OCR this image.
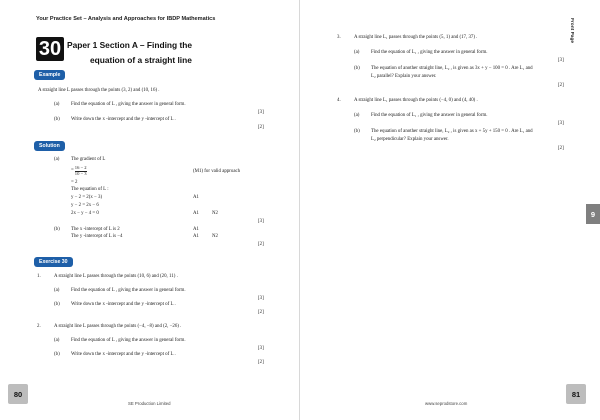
Your Practice Set – Analysis and Approaches for IBDP Mathematics
30 Paper 1 Section A – Finding the
equation of a straight line
Example
A straight line L passes through the points (3, 2) and (10, 16) .
(a) Find the equation of L , giving the answer in general form.
[3]
(b) Write down the x -intercept and the y -intercept of L .
[2]
Solution
(a) The gradient of L
= $\frac{16 - 2}{10 - 3}$	(M1) for valid approach
= 2
The equation of L :
y − 2 = 2(x − 3)	A1
y − 2 = 2x − 6
2x − y − 4 = 0	A1	N2
[3]
(b) The x -intercept of L is 2	A1
The y -intercept of L is −4	A1	N2
[2]
Exercise 30
1.	A straight line L passes through the points (10, 6) and (20, 11) .
(a) Find the equation of L , giving the answer in general form.
[3]
(b) Write down the x -intercept and the y -intercept of L .
[2]
2.	A straight line L passes through the points (−4, −8) and (2, −26) .
(a) Find the equation of L , giving the answer in general form.
[3]
(b) Write down the x -intercept and the y -intercept of L .
[2]
80
SE Production Limited
Front Page
3.	A straight line L₁ passes through the points (5, 1) and (17, 37) .
(a) Find the equation of L₁ , giving the answer in general form.
[3]
(b) The equation of another straight line, L₂ , is given as 3x + y − 100 = 0 . Are L₁ and
L₂ parallel? Explain your answer.
[2]
4.	A straight line L₁ passes through the points (−4, 0) and (4, 40) .
(a) Find the equation of L₁ , giving the answer in general form.
[3]
(b) The equation of another straight line, L₂ , is given as x + 5y + 150 = 0 . Are L₁ and
L₂ perpendicular? Explain your answer.
[2]
9
81
www.seprodstore.com
